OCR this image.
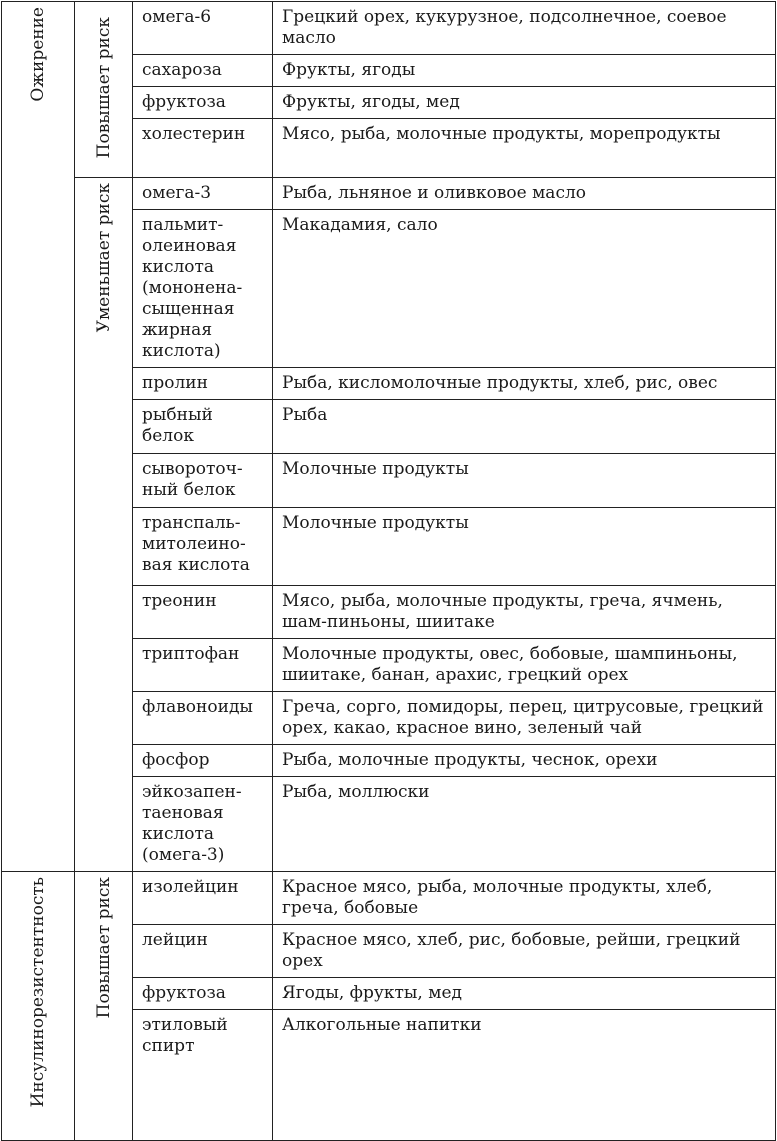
Ожирение	Повышает риск	омега-6	Грецкий орех, кукурузное, подсолнечное, соевое масло
		сахароза	Фрукты, ягоды
		фруктоза	Фрукты, ягоды, мед
		холестерин	Мясо, рыба, молочные продукты, морепродукты
	Уменьшает риск	омега-3	Рыба, льняное и оливковое масло
		пальмит-олеиновая кислота (мононена-сыщенная жирная кислота)	Макадамия, сало
		пролин	Рыба, кисломолочные продукты, хлеб, рис, овес
		рыбный белок	Рыба
		сывороточ-ный белок	Молочные продукты
		транспаль-митолеино-вая кислота	Молочные продукты
		треонин	Мясо, рыба, молочные продукты, греча, ячмень, шам-пиньоны, шиитаке
		триптофан	Молочные продукты, овес, бобовые, шампиньоны, шиитаке, банан, арахис, грецкий орех
		флавоноиды	Греча, сорго, помидоры, перец, цитрусовые, грецкий орех, какао, красное вино, зеленый чай
		фосфор	Рыба, молочные продукты, чеснок, орехи
		эйкозапен-таеновая кислота (омега-3)	Рыба, моллюски
Инсулинорезистентность	Повышает риск	изолейцин	Красное мясо, рыба, молочные продукты, хлеб, греча, бобовые
		лейцин	Красное мясо, хлеб, рис, бобовые, рейши, грецкий орех
		фруктоза	Ягоды, фрукты, мед
		этиловый спирт	Алкогольные напитки
